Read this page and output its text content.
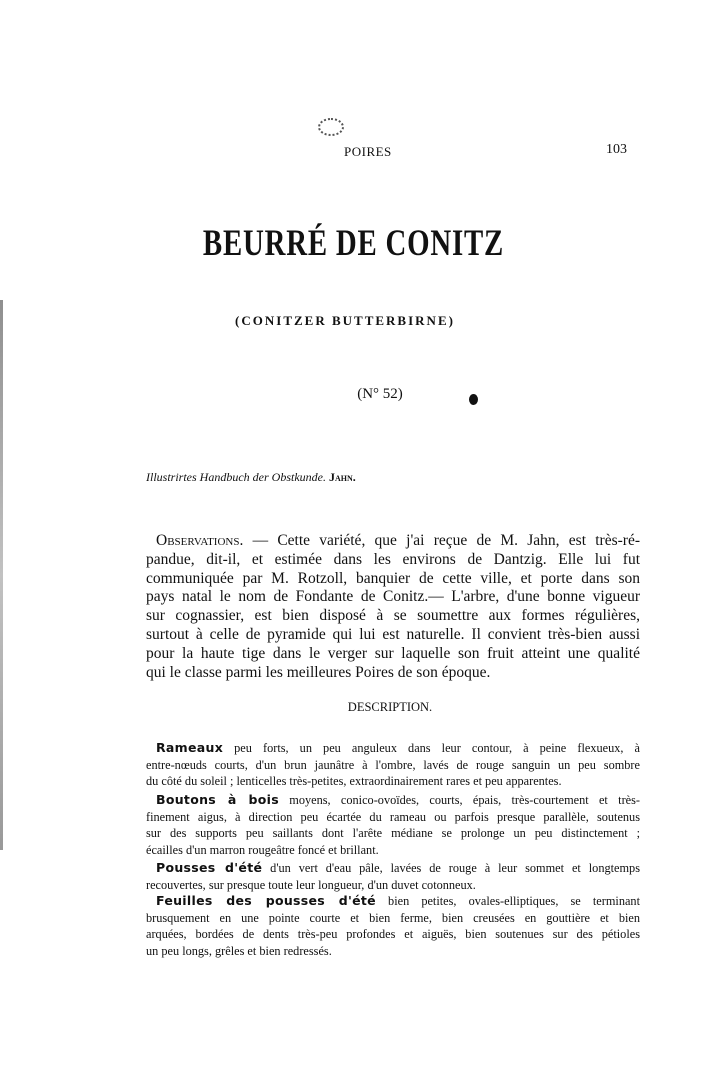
POIRES	103
BEURRÉ DE CONITZ
(CONITZER BUTTERBIRNE)
(N° 52)
Illustrirtes Handbuch der Obstkunde. Jahn.
Observations. — Cette variété, que j'ai reçue de M. Jahn, est très-ré-
pandue, dit-il, et estimée dans les environs de Dantzig. Elle lui fut
communiquée par M. Rotzoll, banquier de cette ville, et porte dans son
pays natal le nom de Fondante de Conitz.— L'arbre, d'une bonne vigueur
sur cognassier, est bien disposé à se soumettre aux formes régulières,
surtout à celle de pyramide qui lui est naturelle. Il convient très-bien aussi
pour la haute tige dans le verger sur laquelle son fruit atteint une qualité
qui le classe parmi les meilleures Poires de son époque.
DESCRIPTION.
Rameaux peu forts, un peu anguleux dans leur contour, à peine flexueux, à
entre-nœuds courts, d'un brun jaunâtre à l'ombre, lavés de rouge sanguin un peu sombre
du côté du soleil ; lenticelles très-petites, extraordinairement rares et peu apparentes.
Boutons à bois moyens, conico-ovoïdes, courts, épais, très-courtement et très-
finement aigus, à direction peu écartée du rameau ou parfois presque parallèle, soutenus
sur des supports peu saillants dont l'arête médiane se prolonge un peu distinctement ;
écailles d'un marron rougeâtre foncé et brillant.
Pousses d'été d'un vert d'eau pâle, lavées de rouge à leur sommet et longtemps
recouvertes, sur presque toute leur longueur, d'un duvet cotonneux.
Feuilles des pousses d'été bien petites, ovales-elliptiques, se terminant
brusquement en une pointe courte et bien ferme, bien creusées en gouttière et bien
arquées, bordées de dents très-peu profondes et aiguës, bien soutenues sur des pétioles
un peu longs, grêles et bien redressés.
